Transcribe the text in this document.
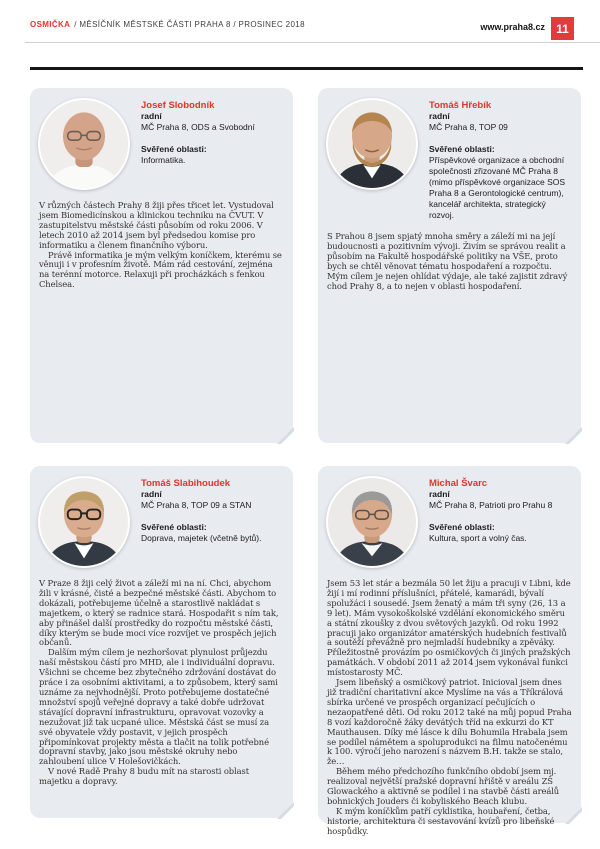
OSMIČKA / MĚSÍČNÍK MĚSTSKÉ ČÁSTI PRAHA 8 / PROSINEC 2018	www.praha8.cz 11
Josef Slobodník
radní
MČ Praha 8, ODS a Svobodní
Svěřené oblasti:
Informatika.

V různých částech Prahy 8 žiji přes třicet let. Vystudoval jsem Biomedicínskou a klinickou techniku na ČVUT. V zastupitelstvu městské části působím od roku 2006. V letech 2010 až 2014 jsem byl předsedou komise pro informatiku a členem finančního výboru.

Právě informatika je mým velkým koníčkem, kterému se věnuji i v profesním životě. Mám rád cestování, zejména na terénní motorce. Relaxuji při procházkách s fenkou Chelsea.

Tomáš Hřebík
radní
MČ Praha 8, TOP 09
Svěřené oblasti:
Příspěvkové organizace a obchodní společnosti zřizované MČ Praha 8 (mimo příspěvkové organizace SOS Praha 8 a Gerontologické centrum), kancelář architekta, strategický rozvoj.

S Prahou 8 jsem spjatý mnoha směry a záleží mi na její budoucnosti a pozitivním vývoji. Živím se správou realit a působím na Fakultě hospodářské politiky na VŠE, proto bych se chtěl věnovat tématu hospodaření a rozpočtu. Mým cílem je nejen ohlídat výdaje, ale také zajistit zdravý chod Prahy 8, a to nejen v oblasti hospodaření.

Tomáš Slabihoudek
radní
MČ Praha 8, TOP 09 a STAN
Svěřené oblasti:
Doprava, majetek (včetně bytů).

V Praze 8 žiji celý život a záleží mi na ní. Chci, abychom žili v krásné, čisté a bezpečné městské části. Abychom to dokázali, potřebujeme účelně a starostlivě nakládat s majetkem, o který se radnice stará. Hospodařit s ním tak, aby přinášel další prostředky do rozpočtu městské části, díky kterým se bude moci více rozvíjet ve prospěch jejich občanů.

Dalším mým cílem je nezhoršovat plynulost průjezdu naší městskou částí pro MHD, ale i individuální dopravu. Všichni se chceme bez zbytečného zdržování dostávat do práce i za osobními aktivitami, a to způsobem, který sami uznáme za nejvhodnější. Proto potřebujeme dostatečné množství spojů veřejné dopravy a také dobře udržovat stávající dopravní infrastrukturu, opravovat vozovky a nezužovat již tak ucpané ulice. Městská část se musí za své obyvatele vždy postavit, v jejich prospěch připomínkovat projekty města a tlačit na tolik potřebné dopravní stavby, jako jsou městské okruhy nebo zahloubení ulice V Holešovičkách.

V nové Radě Prahy 8 budu mít na starosti oblast majetku a dopravy.

Michal Švarc
radní
MČ Praha 8, Patrioti pro Prahu 8
Svěřené oblasti:
Kultura, sport a volný čas.

Jsem 53 let stár a bezmála 50 let žiju a pracuji v Libni, kde žijí i mí rodinní příslušníci, přátelé, kamarádi, bývalí spolužáci i sousedé. Jsem ženatý a mám tři syny (26, 13 a 9 let). Mám vysokoškolské vzdělání ekonomického směru a státní zkoušky z dvou světových jazyků. Od roku 1992 pracuji jako organizátor amatérských hudebních festivalů a soutěží převážně pro nejmladší hudebníky a zpěváky. Příležitostně provázím po osmičkových či jiných pražských památkách. V období 2011 až 2014 jsem vykonával funkci místostarosty MČ.

Jsem libeňský a osmičkový patriot. Inicioval jsem dnes již tradiční charitativní akce Myslíme na vás a Tříkrálová sbírka určené ve prospěch organizací pečujících o nezaopatřené děti. Od roku 2012 také na můj popud Praha 8 vozí každoročně žáky devátých tříd na exkurzi do KT Mauthausen. Díky mé lásce k dílu Bohumila Hrabala jsem se podílel námětem a spoluprodukci na filmu natočenému k 100. výročí jeho narození s názvem B.H. takže se stalo, že…

Během mého předchozího funkčního období jsem mj. realizoval největší pražské dopravní hřiště v areálu ZŠ Glowackého a aktivně se podílel i na stavbě části areálů bohnických Jouders či kobyliského Beach klubu.

K mým koníčkům patří cyklistika, houbaření, četba, historie, architektura či sestavování kvízů pro libeňské hospůdky.
